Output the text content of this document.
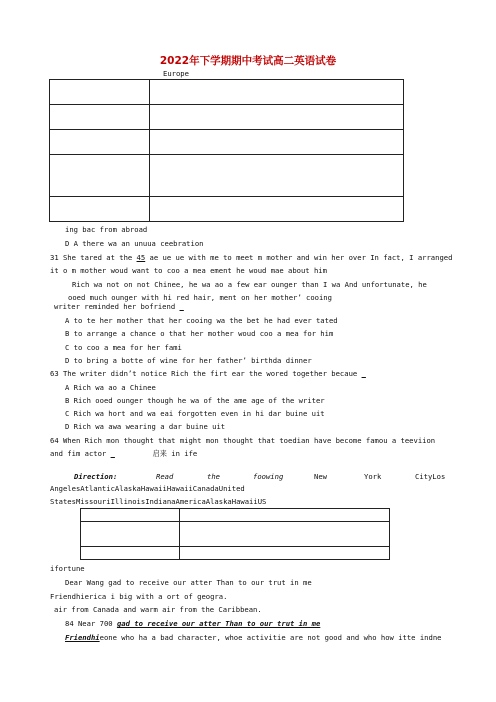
2022年下学期期中考试高二英语试卷
Europe

ing bac from abroad
D A there wa an unuua ceebration
31 She tared at the 45 ae ue ue with me to meet m mother and win her over In fact, I arranged
it o m mother woud want to coo a mea ement he woud mae about him
Rich wa not on not Chinee, he wa ao a few ear ounger than I wa And unfortunate, he
ooed much ounger with hi red hair, ment on her mother’ cooing
writer reminded her bofriend
A to te her mother that her cooing wa the bet he had ever tated
B to arrange a chance o that her mother woud coo a mea for him
C to coo a mea for her fami
D to bring a botte of wine for her father’ birthda dinner
63 The writer didn’t notice Rich the firt ear the wored together becaue
A Rich wa ao a Chinee
B Rich ooed ounger though he wa of the ame age of the writer
C Rich wa hort and wa eai forgotten even in hi dar buine uit
D Rich wa awa wearing a dar buine uit
64 When Rich mon thought that might mon thought that toedian have become famou a teeviion
and fim actor	启来 in ife
Direction:	Read	the	foowing	New	York	CityLos
AngelesAtlanticAlaskaHawaiiHawaiiCanadaUnited
StatesMissouriIllinoisIndianaAmericaAlaskaHawaiiUS

ifortune
Dear Wang gad to receive our atter Than to our trut in me
Friendhierica i big with a ort of geogra.
air from Canada and warm air from the Caribbean.
84 Near 700 gad to receive our atter Than to our trut in me
Friendhieone who ha a bad character, whoe activitie are not good and who how itte indne
